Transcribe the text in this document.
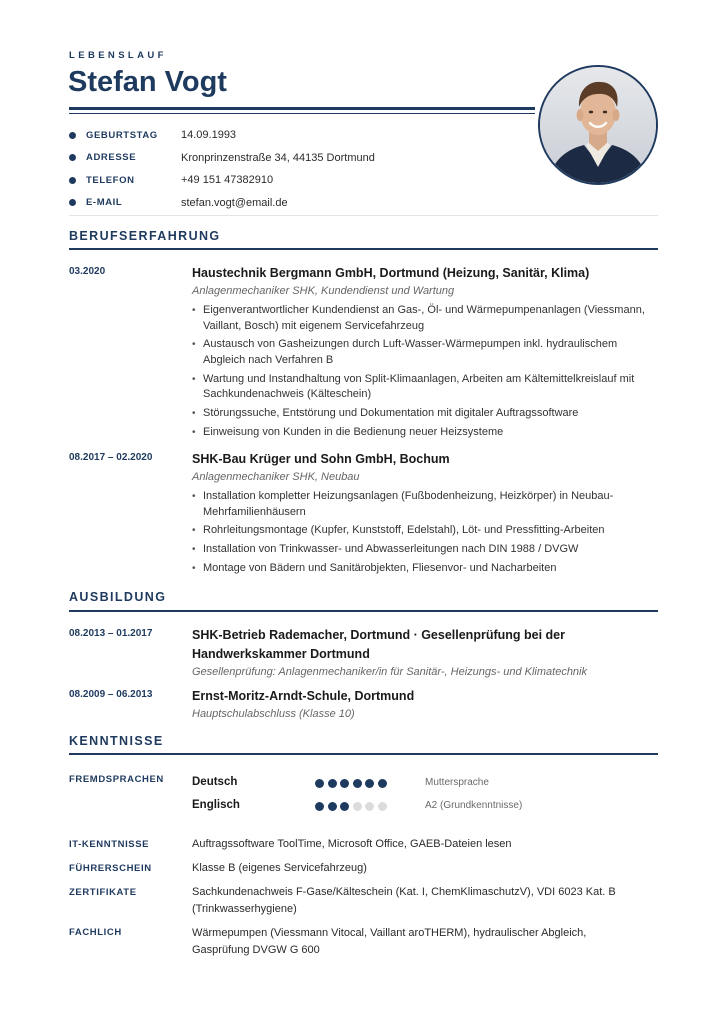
LEBENSLAUF
Stefan Vogt
GEBURTSTAG	14.09.1993
ADRESSE	Kronprinzenstraße 34, 44135 Dortmund
TELEFON	+49 151 47382910
E-MAIL	stefan.vogt@email.de
BERUFSERFAHRUNG
03.2020	Haustechnik Bergmann GmbH, Dortmund (Heizung, Sanitär, Klima)
Anlagenmechaniker SHK, Kundendienst und Wartung
• Eigenverantwortlicher Kundendienst an Gas-, Öl- und Wärmepumpenanlagen (Viessmann, Vaillant, Bosch) mit eigenem Servicefahrzeug
• Austausch von Gasheizungen durch Luft-Wasser-Wärmepumpen inkl. hydraulischem Abgleich nach Verfahren B
• Wartung und Instandhaltung von Split-Klimaanlagen, Arbeiten am Kältemittelkreislauf mit Sachkundenachweis (Kälteschein)
• Störungssuche, Entstörung und Dokumentation mit digitaler Auftragssoftware
• Einweisung von Kunden in die Bedienung neuer Heizsysteme
08.2017 – 02.2020	SHK-Bau Krüger und Sohn GmbH, Bochum
Anlagenmechaniker SHK, Neubau
• Installation kompletter Heizungsanlagen (Fußbodenheizung, Heizkörper) in Neubau-Mehrfamilienhäusern
• Rohrleitungsmontage (Kupfer, Kunststoff, Edelstahl), Löt- und Pressfitting-Arbeiten
• Installation von Trinkwasser- und Abwasserleitungen nach DIN 1988 / DVGW
• Montage von Bädern und Sanitärobjekten, Fliesenvor- und Nacharbeiten
AUSBILDUNG
08.2013 – 01.2017	SHK-Betrieb Rademacher, Dortmund · Gesellenprüfung bei der Handwerkskammer Dortmund
Gesellenprüfung: Anlagenmechaniker/in für Sanitär-, Heizungs- und Klimatechnik
08.2009 – 06.2013	Ernst-Moritz-Arndt-Schule, Dortmund
Hauptschulabschluss (Klasse 10)
KENNTNISSE
FREMDSPRACHEN Deutsch	Muttersprache
Englisch	A2 (Grundkenntnisse)
IT-KENNTNISSE	Auftragssoftware ToolTime, Microsoft Office, GAEB-Dateien lesen
FÜHRERSCHEIN	Klasse B (eigenes Servicefahrzeug)
ZERTIFIKATE	Sachkundenachweis F-Gase/Kälteschein (Kat. I, ChemKlimaschutzV), VDI 6023 Kat. B (Trinkwasserhygiene)
FACHLICH	Wärmepumpen (Viessmann Vitocal, Vaillant aroTHERM), hydraulischer Abgleich, Gasprüfung DVGW G 600
